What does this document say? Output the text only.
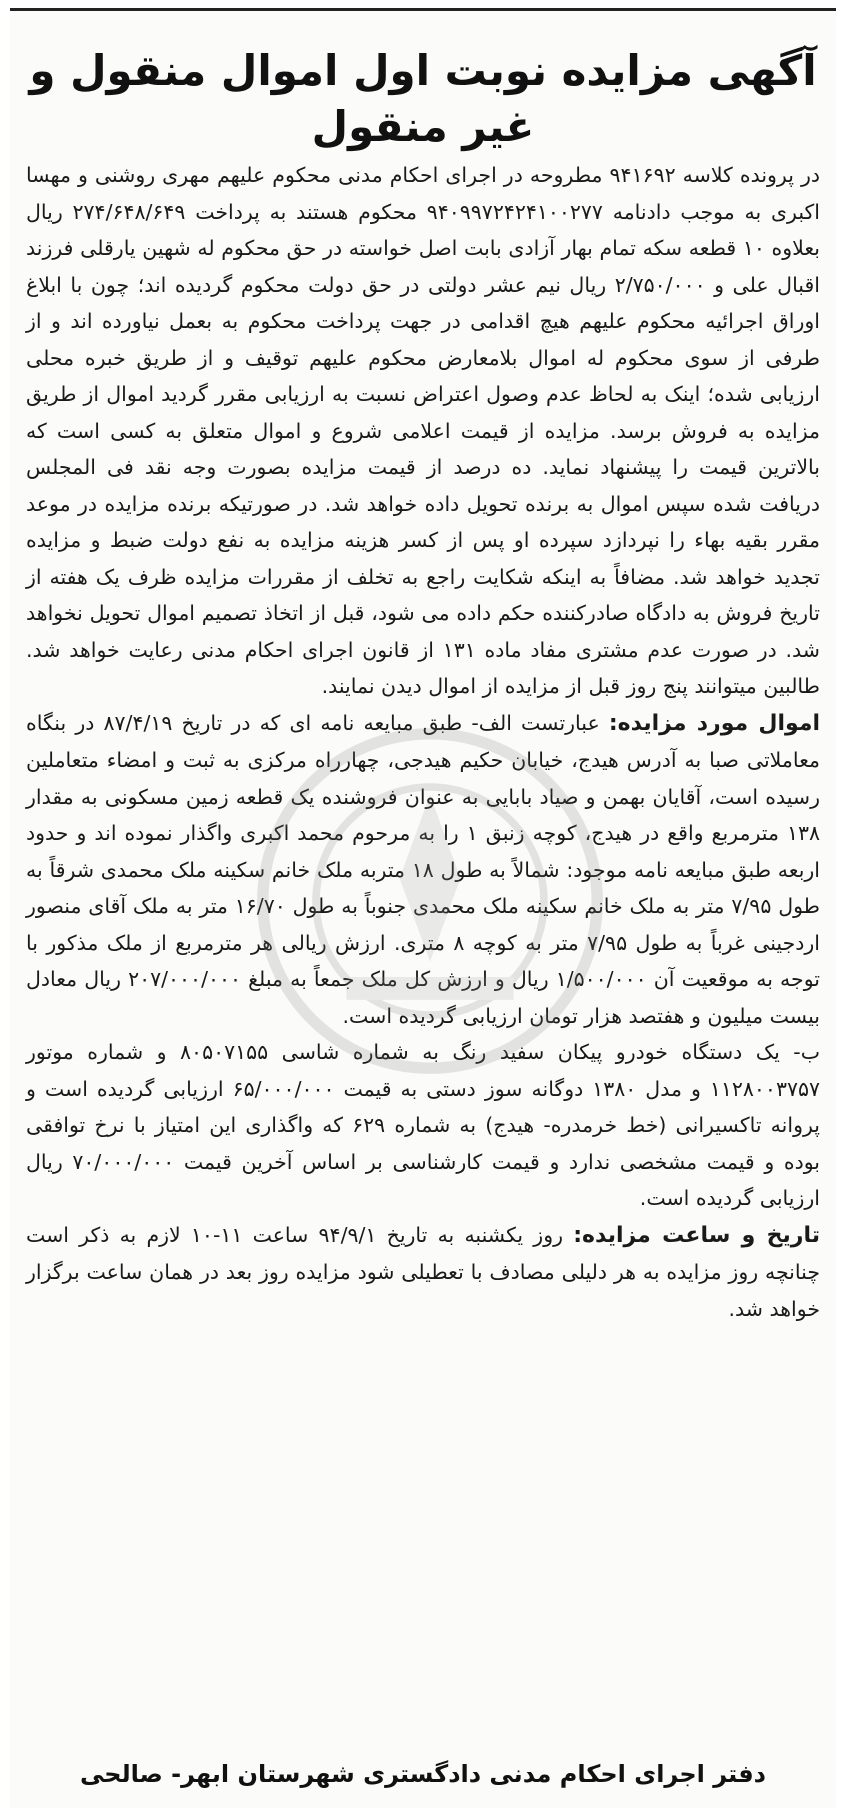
آگهی مزایده نوبت اول اموال منقول و غیر منقول

در پرونده کلاسه ۹۴۱۶۹۲ مطروحه در اجرای احکام مدنی محکوم علیهم مهری روشنی و مهسا اکبری به موجب دادنامه ۹۴۰۹۹۷۲۴۲۴۱۰۰۲۷۷ محکوم هستند به پرداخت ۲۷۴/۶۴۸/۶۴۹ ریال بعلاوه ۱۰ قطعه سکه تمام بهار آزادی بابت اصل خواسته در حق محکوم له شهین یارقلی فرزند اقبال علی و ۲/۷۵۰/۰۰۰ ریال نیم عشر دولتی در حق دولت محکوم گردیده اند؛ چون با ابلاغ اوراق اجرائیه محکوم علیهم هیچ اقدامی در جهت پرداخت محکوم به بعمل نیاورده اند و از طرفی از سوی محکوم له اموال بلامعارض محکوم علیهم توقیف و از طریق خبره محلی ارزیابی شده؛ اینک به لحاظ عدم وصول اعتراض نسبت به ارزیابی مقرر گردید اموال از طریق مزایده به فروش برسد. مزایده از قیمت اعلامی شروع و اموال متعلق به کسی است که بالاترین قیمت را پیشنهاد نماید. ده درصد از قیمت مزایده بصورت وجه نقد فی المجلس دریافت شده سپس اموال به برنده تحویل داده خواهد شد. در صورتیکه برنده مزایده در موعد مقرر بقیه بهاء را نپردازد سپرده او پس از کسر هزینه مزایده به نفع دولت ضبط و مزایده تجدید خواهد شد. مضافاً به اینکه شکایت راجع به تخلف از مقررات مزایده ظرف یک هفته از تاریخ فروش به دادگاه صادرکننده حکم داده می شود، قبل از اتخاذ تصمیم اموال تحویل نخواهد شد. در صورت عدم مشتری مفاد ماده ۱۳۱ از قانون اجرای احکام مدنی رعایت خواهد شد. طالبین میتوانند پنج روز قبل از مزایده از اموال دیدن نمایند.

اموال مورد مزایده: عبارتست الف- طبق مبایعه نامه ای که در تاریخ ۸۷/۴/۱۹ در بنگاه معاملاتی صبا به آدرس هیدج، خیابان حکیم هیدجی، چهارراه مرکزی به ثبت و امضاء متعاملین رسیده است، آقایان بهمن و صیاد بابایی به عنوان فروشنده یک قطعه زمین مسکونی به مقدار ۱۳۸ مترمربع واقع در هیدج، کوچه زنبق ۱ را به مرحوم محمد اکبری واگذار نموده اند و حدود اربعه طبق مبایعه نامه موجود: شمالاً به طول ۱۸ متربه ملک خانم سکینه ملک محمدی شرقاً به طول ۷/۹۵ متر به ملک خانم سکینه ملک محمدی جنوباً به طول ۱۶/۷۰ متر به ملک آقای منصور اردجینی غرباً به طول ۷/۹۵ متر به کوچه ۸ متری. ارزش ریالی هر مترمربع از ملک مذکور با توجه به موقعیت آن ۱/۵۰۰/۰۰۰ ریال و ارزش کل ملک جمعاً به مبلغ ۲۰۷/۰۰۰/۰۰۰ ریال معادل بیست میلیون و هفتصد هزار تومان ارزیابی گردیده است.

ب- یک دستگاه خودرو پیکان سفید رنگ به شماره شاسی ۸۰۵۰۷۱۵۵ و شماره موتور ۱۱۲۸۰۰۳۷۵۷ و مدل ۱۳۸۰ دوگانه سوز دستی به قیمت ۶۵/۰۰۰/۰۰۰ ارزیابی گردیده است و پروانه تاکسیرانی (خط خرمدره- هیدج) به شماره ۶۲۹ که واگذاری این امتیاز با نرخ توافقی بوده و قیمت مشخصی ندارد و قیمت کارشناسی بر اساس آخرین قیمت ۷۰/۰۰۰/۰۰۰ ریال ارزیابی گردیده است.

تاریخ و ساعت مزایده: روز یکشنبه به تاریخ ۹۴/۹/۱ ساعت ۱۱-۱۰ لازم به ذکر است چنانچه روز مزایده به هر دلیلی مصادف با تعطیلی شود مزایده روز بعد در همان ساعت برگزار خواهد شد.

دفتر اجرای احکام مدنی دادگستری شهرستان ابهر- صالحی
